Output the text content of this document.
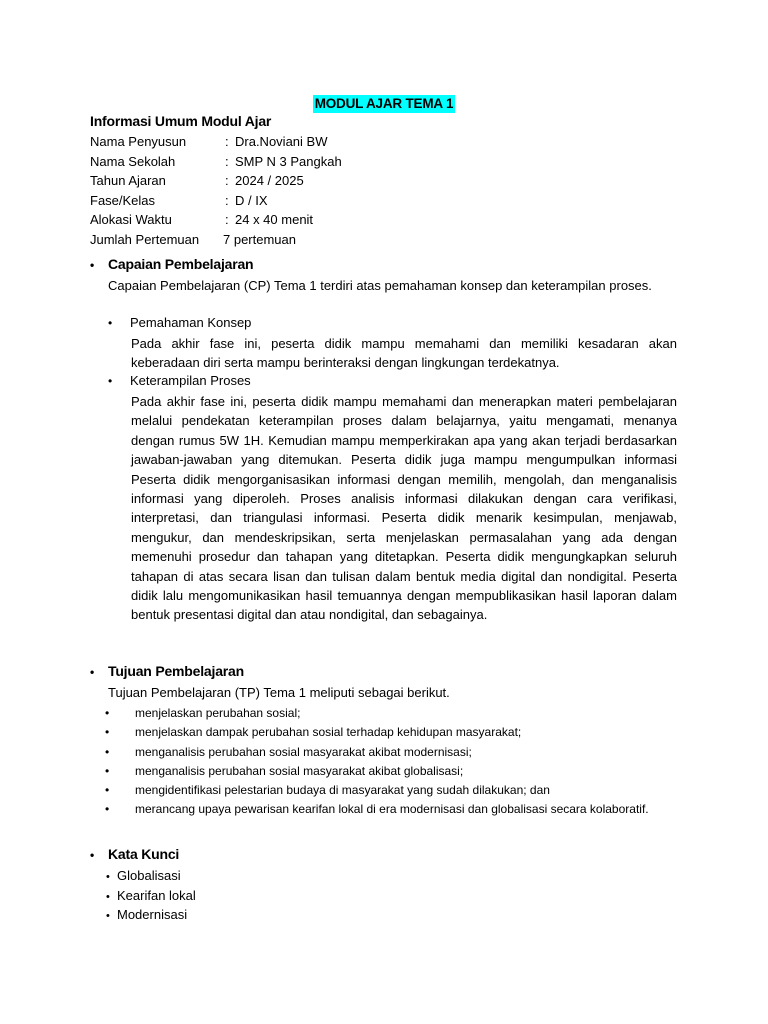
MODUL AJAR TEMA 1
Informasi Umum Modul Ajar
Nama Penyusun	: Dra.Noviani BW
Nama Sekolah	: SMP N 3 Pangkah
Tahun Ajaran	: 2024 / 2025
Fase/Kelas	: D / IX
Alokasi Waktu	: 24 x 40 menit
Jumlah Pertemuan 7 pertemuan
• Capaian Pembelajaran
Capaian Pembelajaran (CP) Tema 1 terdiri atas pemahaman konsep dan keterampilan proses.
• Pemahaman Konsep
Pada akhir fase ini, peserta didik mampu memahami dan memiliki kesadaran akan keberadaan diri serta mampu berinteraksi dengan lingkungan terdekatnya.
• Keterampilan Proses
Pada akhir fase ini, peserta didik mampu memahami dan menerapkan materi pembelajaran melalui pendekatan keterampilan proses dalam belajarnya, yaitu mengamati, menanya dengan rumus 5W 1H. Kemudian mampu memperkirakan apa yang akan terjadi berdasarkan jawaban-jawaban yang ditemukan. Peserta didik juga mampu mengumpulkan informasi Peserta didik mengorganisasikan informasi dengan memilih, mengolah, dan menganalisis informasi yang diperoleh. Proses analisis informasi dilakukan dengan cara verifikasi, interpretasi, dan triangulasi informasi. Peserta didik menarik kesimpulan, menjawab, mengukur, dan mendeskripsikan, serta menjelaskan permasalahan yang ada dengan memenuhi prosedur dan tahapan yang ditetapkan. Peserta didik mengungkapkan seluruh tahapan di atas secara lisan dan tulisan dalam bentuk media digital dan nondigital. Peserta didik lalu mengomunikasikan hasil temuannya dengan mempublikasikan hasil laporan dalam bentuk presentasi digital dan atau nondigital, dan sebagainya.
• Tujuan Pembelajaran
Tujuan Pembelajaran (TP) Tema 1 meliputi sebagai berikut.
• menjelaskan perubahan sosial;
• menjelaskan dampak perubahan sosial terhadap kehidupan masyarakat;
• menganalisis perubahan sosial masyarakat akibat modernisasi;
• menganalisis perubahan sosial masyarakat akibat globalisasi;
• mengidentifikasi pelestarian budaya di masyarakat yang sudah dilakukan; dan
• merancang upaya pewarisan kearifan lokal di era modernisasi dan globalisasi secara kolaboratif.
• Kata Kunci
• Globalisasi
• Kearifan lokal
• Modernisasi
